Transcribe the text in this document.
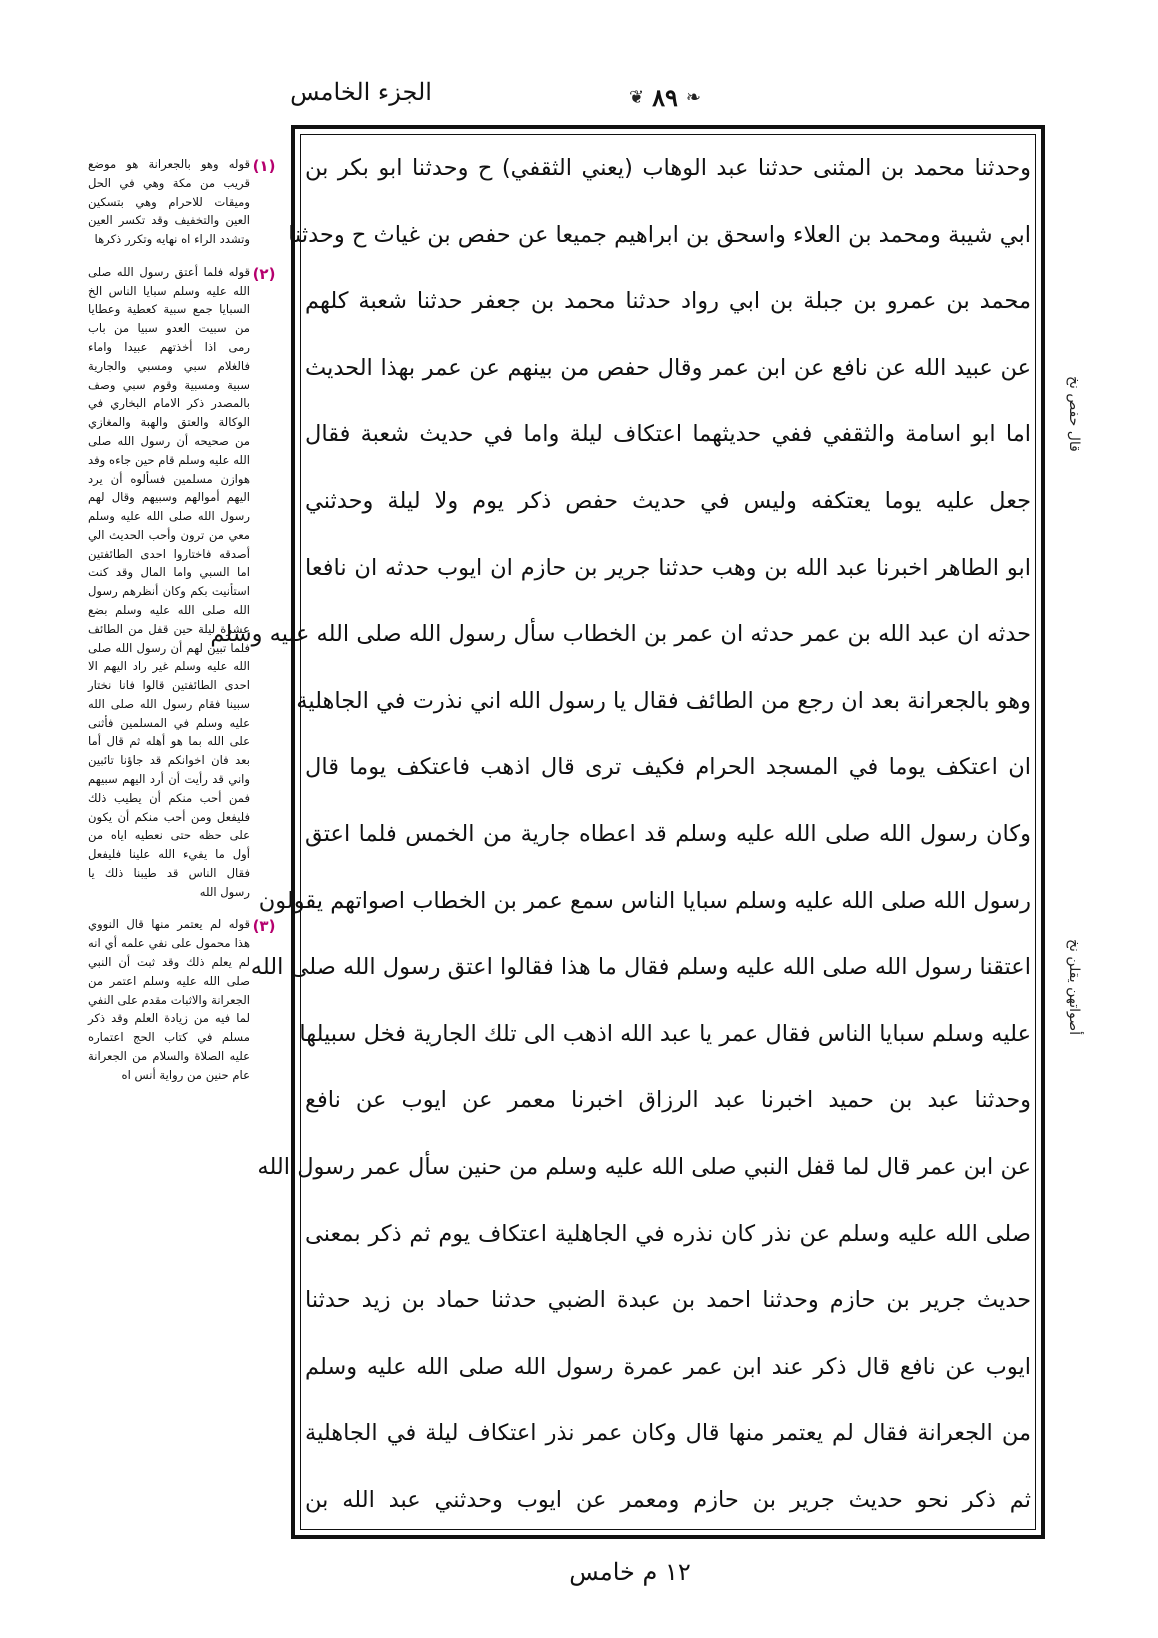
الجزء الخامس	❦ ٨٩ ❧
(١)
قوله وهو بالجعرانة هو موضع قريب من مكة وهي في الحل وميقات للاحرام وهي بتسكين العين والتخفيف وقد تكسر العين وتشدد الراء اه نهايه وتكرر ذكرها
(٢)
قوله فلما أعتق رسول الله صلى الله عليه وسلم سبايا الناس الخ السبايا جمع سبية كعطية وعطايا من سبيت العدو سبيا من باب رمى اذا أخذتهم عبيدا واماء فالغلام سبي ومسبي والجارية سبية ومسبية وقوم سبي وصف بالمصدر ذكر الامام البخاري في الوكالة والعتق والهبة والمغازي من صحيحه أن رسول الله صلى الله عليه وسلم قام حين جاءه وفد هوازن مسلمين فسألوه أن يرد اليهم أموالهم وسبيهم وقال لهم رسول الله صلى الله عليه وسلم معي من ترون وأحب الحديث الي أصدقه فاختاروا احدى الطائفتين اما السبي واما المال وقد كنت استأنيت بكم وكان أنظرهم رسول الله صلى الله عليه وسلم بضع عشرة ليلة حين قفل من الطائف فلما تبين لهم أن رسول الله صلى الله عليه وسلم غير راد اليهم الا احدى الطائفتين قالوا فانا نختار سبينا فقام رسول الله صلى الله عليه وسلم في المسلمين فأثنى على الله بما هو أهله ثم قال أما بعد فان اخوانكم قد جاؤنا تائبين واني قد رأيت أن أرد اليهم سبيهم فمن أحب منكم أن يطيب ذلك فليفعل ومن أحب منكم أن يكون على حظه حتى نعطيه اياه من أول ما يفيء الله علينا فليفعل فقال الناس قد طيبنا ذلك يا رسول الله
(٣)
قوله لم يعتمر منها قال النووي هذا محمول على نفي علمه أي انه لم يعلم ذلك وقد ثبت أن النبي صلى الله عليه وسلم اعتمر من الجعرانة والاثبات مقدم على النفي لما فيه من زيادة العلم وقد ذكر مسلم في كتاب الحج اعتماره عليه الصلاة والسلام من الجعرانة عام حنين من رواية أنس اه
وحدثنا محمد بن المثنى حدثنا عبد الوهاب (يعني الثقفي) ح وحدثنا ابو بكر بن
ابي شيبة ومحمد بن العلاء واسحق بن ابراهيم جميعا عن حفص بن غياث ح وحدثنا
محمد بن عمرو بن جبلة بن ابي رواد حدثنا محمد بن جعفر حدثنا شعبة كلهم
عن عبيد الله عن نافع عن ابن عمر وقال حفص من بينهم عن عمر بهذا الحديث
اما ابو اسامة والثقفي ففي حديثهما اعتكاف ليلة واما في حديث شعبة فقال
جعل عليه يوما يعتكفه وليس في حديث حفص ذكر يوم ولا ليلة وحدثني
ابو الطاهر اخبرنا عبد الله بن وهب حدثنا جرير بن حازم ان ايوب حدثه ان نافعا
حدثه ان عبد الله بن عمر حدثه ان عمر بن الخطاب سأل رسول الله صلى الله عليه وسلم
وهو بالجعرانة بعد ان رجع من الطائف فقال يا رسول الله اني نذرت في الجاهلية
ان اعتكف يوما في المسجد الحرام فكيف ترى قال اذهب فاعتكف يوما قال
وكان رسول الله صلى الله عليه وسلم قد اعطاه جارية من الخمس فلما اعتق
رسول الله صلى الله عليه وسلم سبايا الناس سمع عمر بن الخطاب اصواتهم يقولون
اعتقنا رسول الله صلى الله عليه وسلم فقال ما هذا فقالوا اعتق رسول الله صلى الله
عليه وسلم سبايا الناس فقال عمر يا عبد الله اذهب الى تلك الجارية فخل سبيلها
وحدثنا عبد بن حميد اخبرنا عبد الرزاق اخبرنا معمر عن ايوب عن نافع
عن ابن عمر قال لما قفل النبي صلى الله عليه وسلم من حنين سأل عمر رسول الله
صلى الله عليه وسلم عن نذر كان نذره في الجاهلية اعتكاف يوم ثم ذكر بمعنى
حديث جرير بن حازم وحدثنا احمد بن عبدة الضبي حدثنا حماد بن زيد حدثنا
ايوب عن نافع قال ذكر عند ابن عمر عمرة رسول الله صلى الله عليه وسلم
من الجعرانة فقال لم يعتمر منها قال وكان عمر نذر اعتكاف ليلة في الجاهلية
ثم ذكر نحو حديث جرير بن حازم ومعمر عن ايوب وحدثني عبد الله بن
قال حفص نخ
أصواتهن يقلن نخ
١٢ م خامس
